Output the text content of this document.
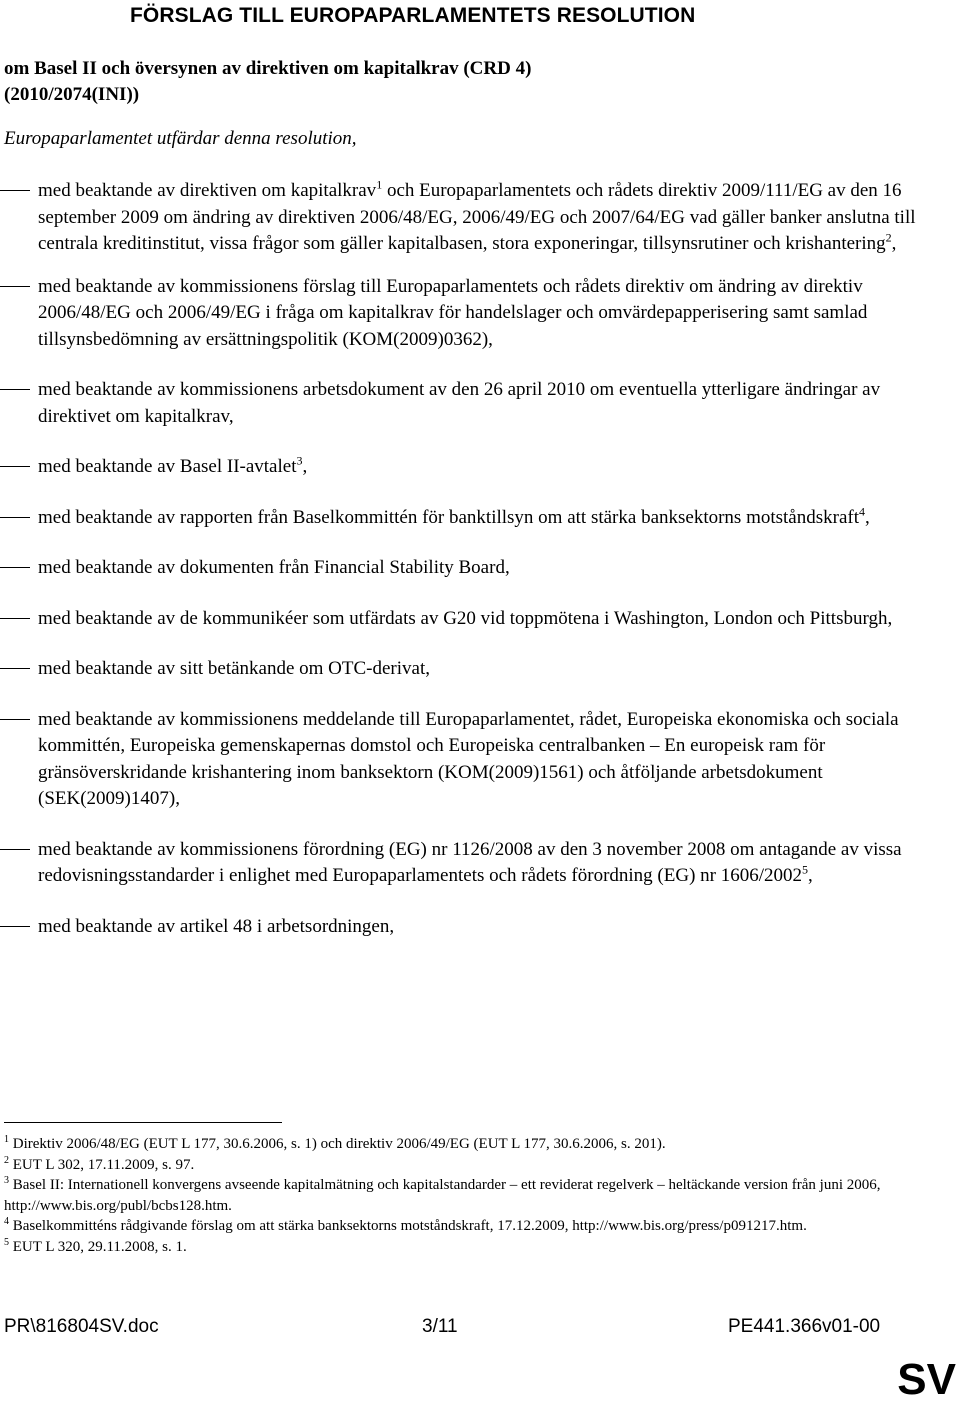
FÖRSLAG TILL EUROPAPARLAMENTETS RESOLUTION
om Basel II och översynen av direktiven om kapitalkrav (CRD 4)
(2010/2074(INI))
Europaparlamentet utfärdar denna resolution,
med beaktande av direktiven om kapitalkrav$^1$ och Europaparlamentets och rådets direktiv 2009/111/EG av den 16 september 2009 om ändring av direktiven 2006/48/EG, 2006/49/EG och 2007/64/EG vad gäller banker anslutna till centrala kreditinstitut, vissa frågor som gäller kapitalbasen, stora exponeringar, tillsynsrutiner och krishantering$^2$,
med beaktande av kommissionens förslag till Europaparlamentets och rådets direktiv om ändring av direktiv 2006/48/EG och 2006/49/EG i fråga om kapitalkrav för handelslager och omvärdepapperisering samt samlad tillsynsbedömning av ersättningspolitik (KOM(2009)0362),
med beaktande av kommissionens arbetsdokument av den 26 april 2010 om eventuella ytterligare ändringar av direktivet om kapitalkrav,
med beaktande av Basel II-avtalet$^3$,
med beaktande av rapporten från Baselkommittén för banktillsyn om att stärka banksektorns motståndskraft$^4$,
med beaktande av dokumenten från Financial Stability Board,
med beaktande av de kommunikéer som utfärdats av G20 vid toppmötena i Washington, London och Pittsburgh,
med beaktande av sitt betänkande om OTC-derivat,
med beaktande av kommissionens meddelande till Europaparlamentet, rådet, Europeiska ekonomiska och sociala kommittén, Europeiska gemenskapernas domstol och Europeiska centralbanken – En europeisk ram för gränsöverskridande krishantering inom banksektorn (KOM(2009)1561) och åtföljande arbetsdokument (SEK(2009)1407),
med beaktande av kommissionens förordning (EG) nr 1126/2008 av den 3 november 2008 om antagande av vissa redovisningsstandarder i enlighet med Europaparlamentets och rådets förordning (EG) nr 1606/2002$^5$,
med beaktande av artikel 48 i arbetsordningen,
$^1$ Direktiv 2006/48/EG (EUT L 177, 30.6.2006, s. 1) och direktiv 2006/49/EG (EUT L 177, 30.6.2006, s. 201).
$^2$ EUT L 302, 17.11.2009, s. 97.
$^3$ Basel II: Internationell konvergens avseende kapitalmätning och kapitalstandarder – ett reviderat regelverk – heltäckande version från juni 2006, http://www.bis.org/publ/bcbs128.htm.
$^4$ Baselkommitténs rådgivande förslag om att stärka banksektorns motståndskraft, 17.12.2009, http://www.bis.org/press/p091217.htm.
$^5$ EUT L 320, 29.11.2008, s. 1.
PR\816804SV.doc	3/11	PE441.366v01-00
SV
